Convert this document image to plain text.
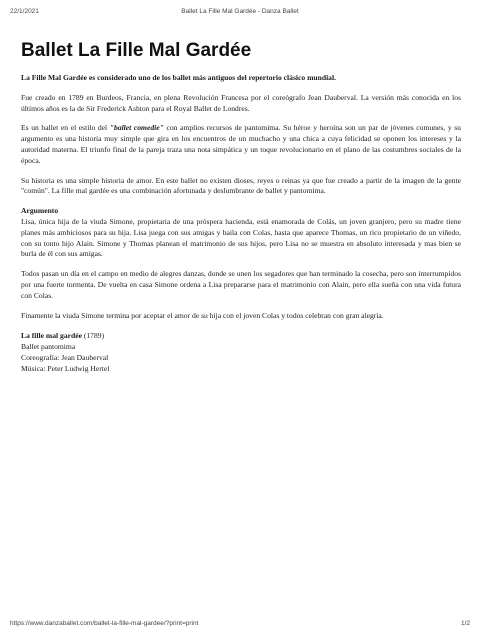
22/1/2021	Ballet La Fille Mal Gardée - Danza Ballet
Ballet La Fille Mal Gardée

La Fille Mal Gardée es considerado uno de los ballet más antiguos del repertorio clásico mundial.

Fue creado en 1789 en Burdeos, Francia, en plena Revolución Francesa por el coreógrafo Jean Dauberval. La versión más conocida en los últimos años es la de Sir Frederick Ashton para el Royal Ballet de Londres.

Es un ballet en el estilo del "ballet comedie" con amplios recursos de pantomima. Su héroe y heroína son un par de jóvenes comunes, y su argumento es una historia muy simple que gira en los encuentros de un muchacho y una chica a cuya felicidad se oponen los intereses y la autoridad materna. El triunfo final de la pareja traza una nota simpática y un toque revolucionario en el plano de las costumbres sociales de la época.

Su historia es una simple historia de amor. En este ballet no existen dioses, reyes o reinas ya que fue creado a partir de la imagen de la gente "común". La fille mal gardée es una combinación afortunada y deslumbrante de ballet y pantomima.

Argumento
Lisa, única hija de la viuda Simone, propietaria de una próspera hacienda, está enamorada de Colás, un joven granjero, pero su madre tiene planes más ambiciosos para su hija. Lisa juega con sus amigas y baila con Colas, hasta que aparece Thomas, un rico propietario de un viñedo, con su tonto hijo Alain. Simone y Thomas planean el matrimonio de sus hijos, pero Lisa no se muestra en absoluto interesada y mas bien se burla de él con sus amigas.

Todos pasan un día en el campo en medio de alegres danzas, donde se unen los segadores que han terminado la cosecha, pero son interrumpidos por una fuerte tormenta. De vuelta en casa Simone ordena a Lisa prepararse para el matrimonio con Alain, pero ella sueña con una vida futura con Colas.

Finamente la viuda Simone termina por aceptar el amor de su hija con el joven Colas y todos celebran con gran alegría.

La fille mal gardée (1789)
Ballet pantomima
Coreografía: Jean Dauberval
Música: Peter Ludwig Hertel
https://www.danzaballet.com/ballet-la-fille-mal-gardee/?print=print	1/2
